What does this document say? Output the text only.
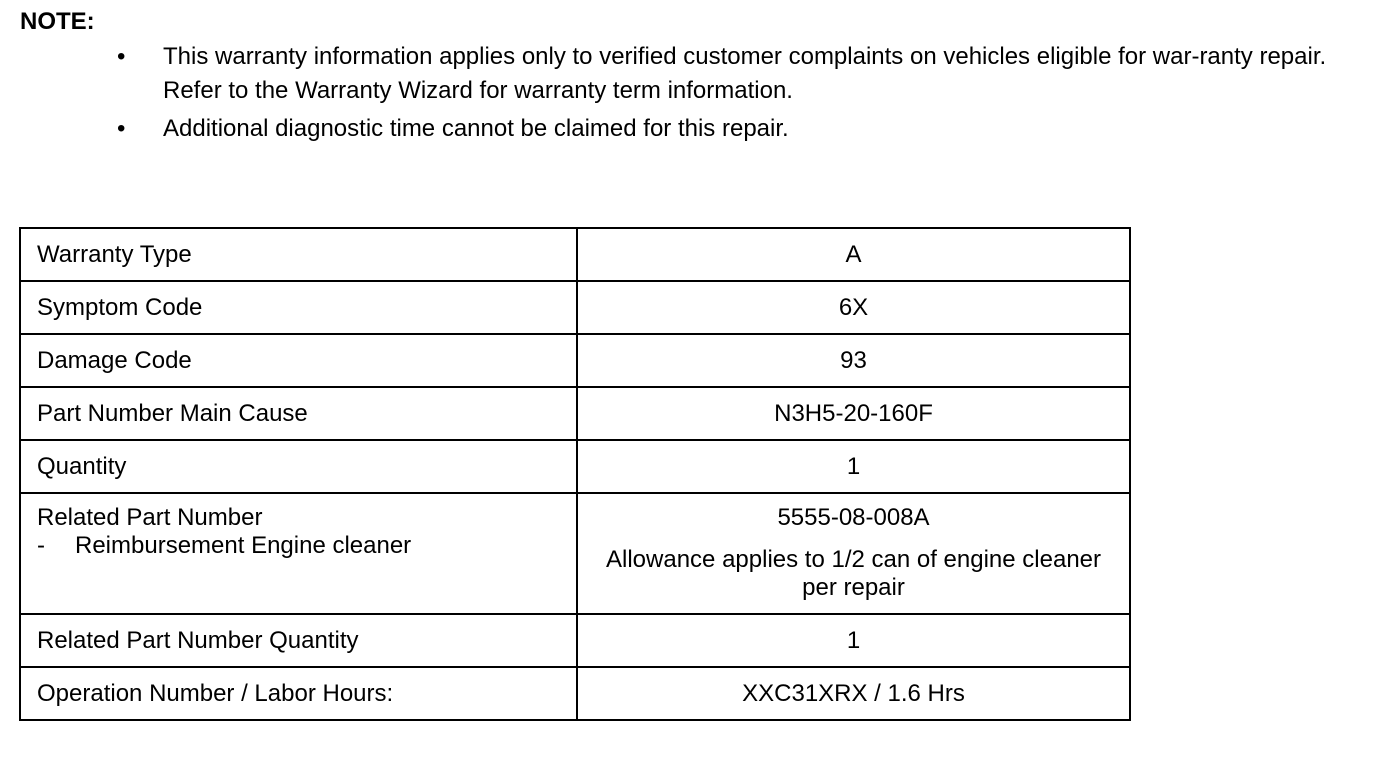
NOTE:
• This warranty information applies only to verified customer complaints on vehicles eligible for war-ranty repair. Refer to the Warranty Wizard for warranty term information.
• Additional diagnostic time cannot be claimed for this repair.
Warranty Type	A
Symptom Code	6X
Damage Code	93
Part Number Main Cause	N3H5-20-160F
Quantity	1

Related Part Number
- Reimbursement Engine cleaner	5555-08-008A
Allowance applies to 1/2 can of engine cleaner per repair

Related Part Number Quantity	1
Operation Number / Labor Hours:	XXC31XRX / 1.6 Hrs
